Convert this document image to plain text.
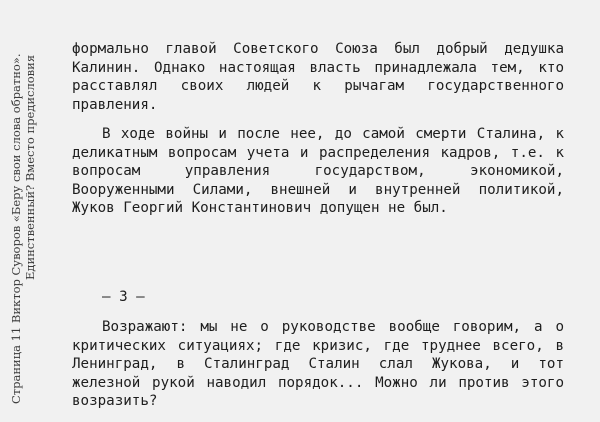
Страница 11 Виктор Суворов «Беру свои слова обратно». Единственный? Вместо предисловия

формально главой Советского Союза был добрый дедушка Калинин. Однако настоящая власть принадлежала тем, кто расставлял своих людей к рычагам государственного правления.

В ходе войны и после нее, до самой смерти Сталина, к деликатным вопросам учета и распределения кадров, т.е. к вопросам управления государством, экономикой, Вооруженными Силами, внешней и внутренней политикой, Жуков Георгий Константинович допущен не был.

– 3 –

Возражают: мы не о руководстве вообще говорим, а о критических ситуациях; где кризис, где труднее всего, в Ленинград, в Сталинград Сталин слал Жукова, и тот железной рукой наводил порядок... Можно ли против этого возразить?
